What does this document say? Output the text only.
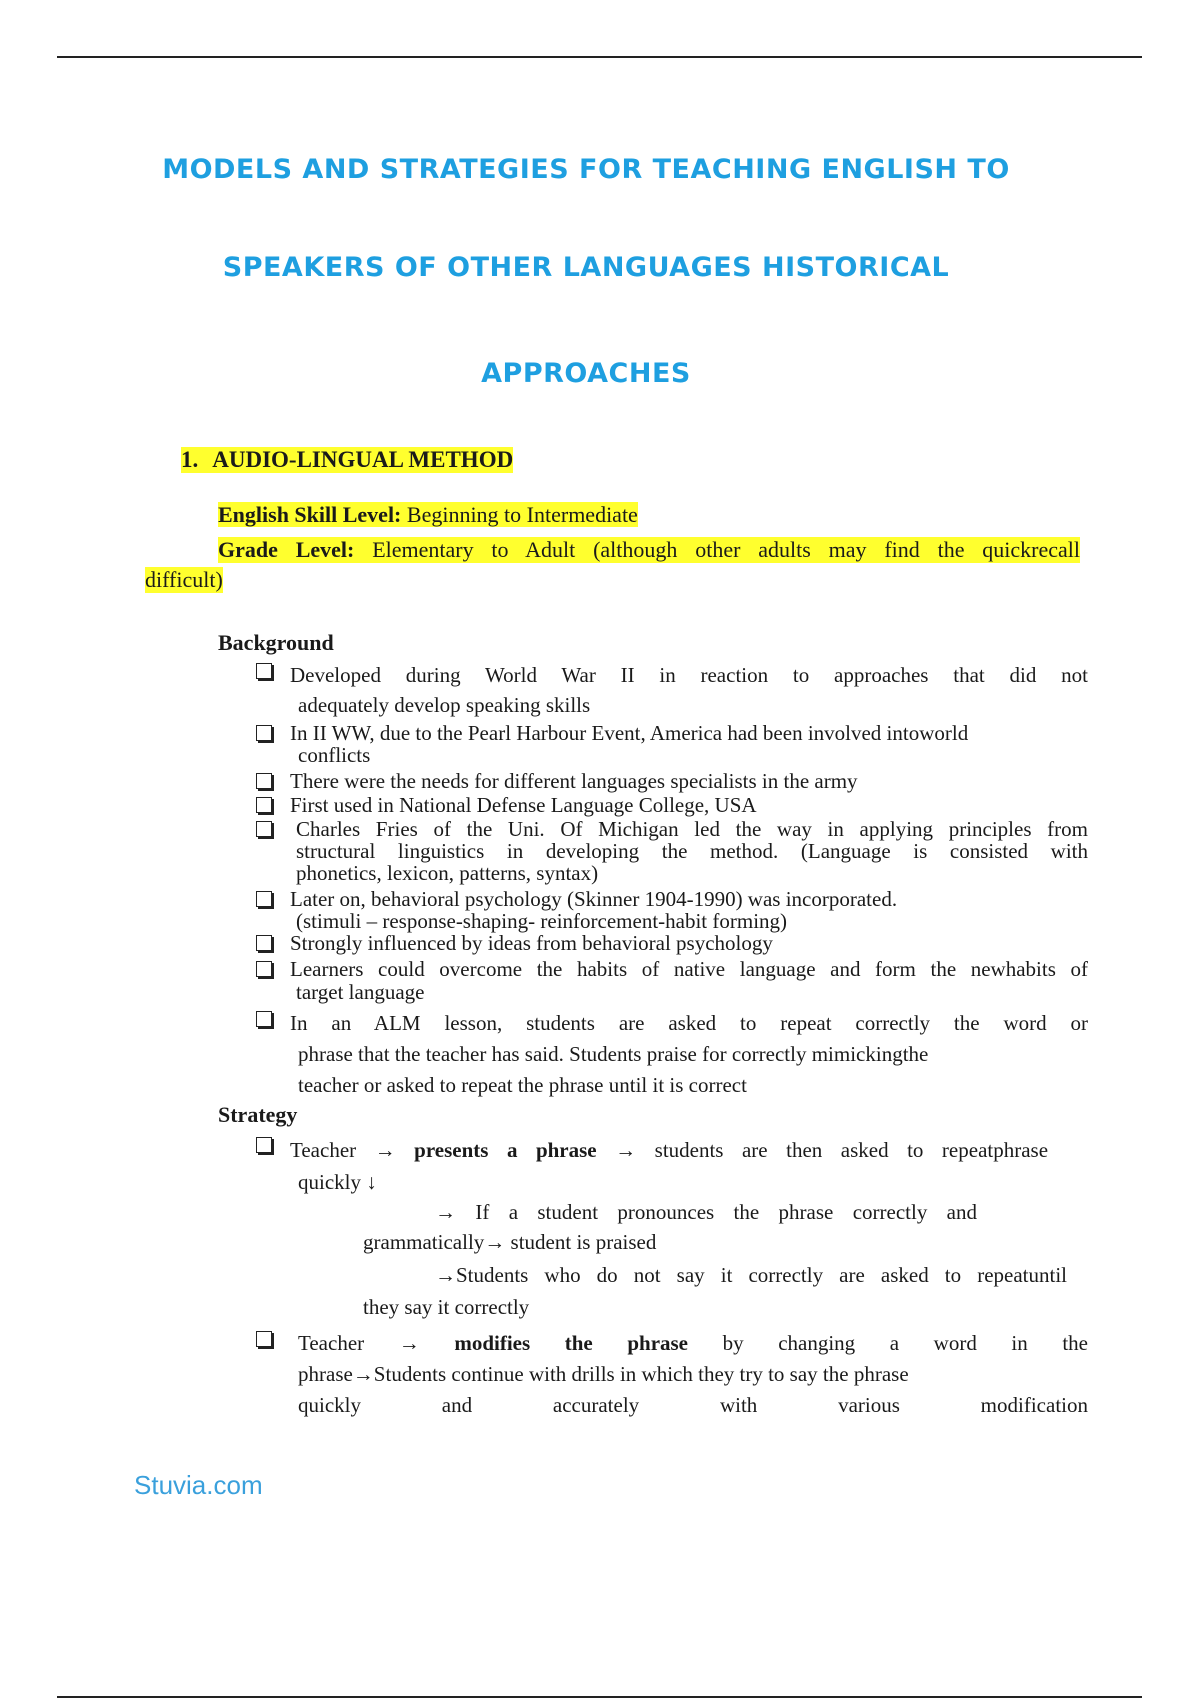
MODELS AND STRATEGIES FOR TEACHING ENGLISH TO
SPEAKERS OF OTHER LANGUAGES HISTORICAL
APPROACHES
1. AUDIO-LINGUAL METHOD
English Skill Level: Beginning to Intermediate
Grade Level: Elementary to Adult (although other adults may find the quickrecall
difficult)
Background
Developed during World War II in reaction to approaches that did not
adequately develop speaking skills
In II WW, due to the Pearl Harbour Event, America had been involved intoworld
conflicts
There were the needs for different languages specialists in the army
First used in National Defense Language College, USA
Charles Fries of the Uni. Of Michigan led the way in applying principles from
structural linguistics in developing the method. (Language is consisted with
phonetics, lexicon, patterns, syntax)
Later on, behavioral psychology (Skinner 1904-1990) was incorporated.
(stimuli – response-shaping- reinforcement-habit forming)
Strongly influenced by ideas from behavioral psychology
Learners could overcome the habits of native language and form the newhabits of
target language
In an ALM lesson, students are asked to repeat correctly the word or
phrase that the teacher has said. Students praise for correctly mimickingthe
teacher or asked to repeat the phrase until it is correct
Strategy
Teacher → presents a phrase → students are then asked to repeatphrase
quickly ↓
→ If a student pronounces the phrase correctly and
grammatically→ student is praised
→Students who do not say it correctly are asked to repeatuntil
they say it correctly
Teacher → modifies the phrase by changing a word in the
phrase→Students continue with drills in which they try to say the phrase
quickly and accurately with various modification
Stuvia.com
